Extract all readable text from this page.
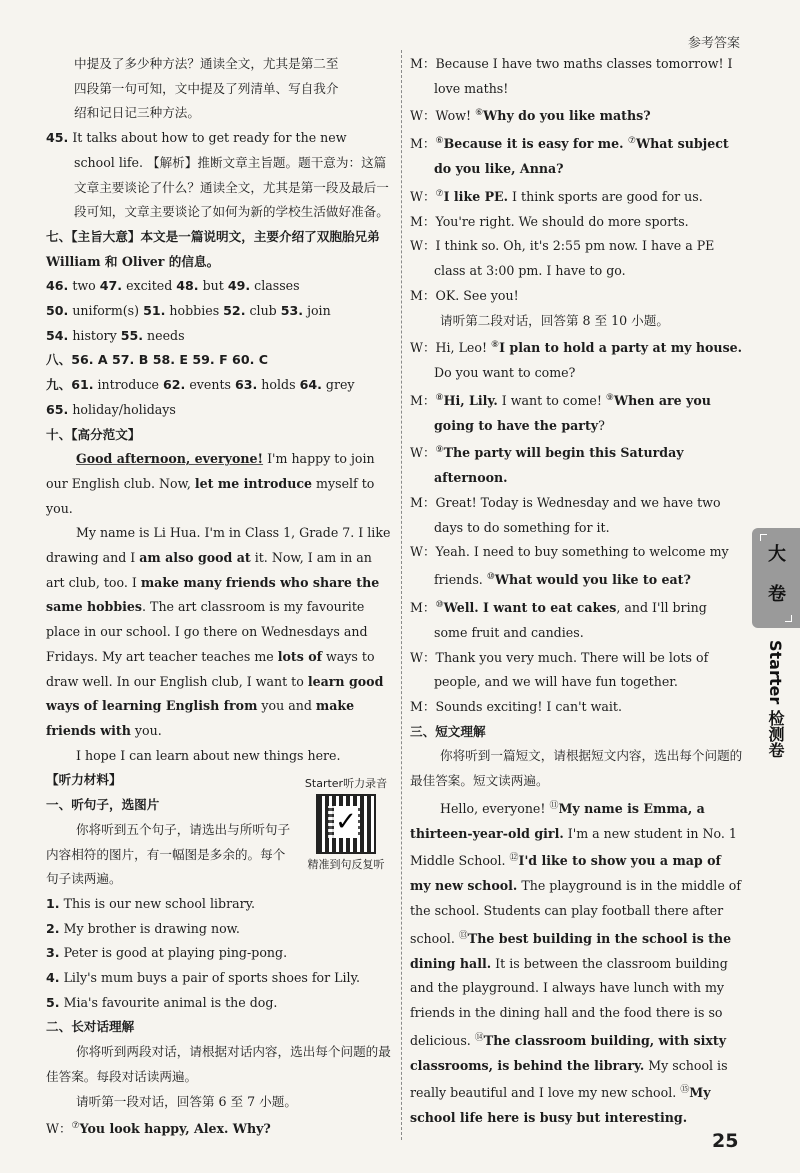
参考答案

中提及了多少种方法？通读全文，尤其是第二至

四段第一句可知，文中提及了列清单、写自我介

绍和记日记三种方法。

45. It talks about how to get ready for the new school life. 【解析】推断文章主旨题。题干意为：这篇文章主要谈论了什么？通读全文，尤其是第一段及最后一段可知，文章主要谈论了如何为新的学校生活做好准备。

七、【主旨大意】本文是一篇说明文，主要介绍了双胞胎兄弟 William 和 Oliver 的信息。

46. two 47. excited 48. but 49. classes

50. uniform(s) 51. hobbies 52. club 53. join

54. history 55. needs

八、56. A 57. B 58. E 59. F 60. C

九、61. introduce 62. events 63. holds 64. grey

65. holiday/holidays

十、【高分范文】

Good afternoon, everyone! I'm happy to join our English club. Now, let me introduce myself to you.

My name is Li Hua. I'm in Class 1, Grade 7. I like drawing and I am also good at it. Now, I am in an art club, too. I make many friends who share the same hobbies. The art classroom is my favourite place in our school. I go there on Wednesdays and Fridays. My art teacher teaches me lots of ways to draw well. In our English club, I want to learn good ways of learning English from you and make friends with you.

I hope I can learn about new things here.

【听力材料】

一、听句子，选图片

你将听到五个句子，请选出与所听句子内容相符的图片，有一幅图是多余的。每个句子读两遍。

1. This is our new school library.

2. My brother is drawing now.

3. Peter is good at playing ping-pong.

4. Lily's mum buys a pair of sports shoes for Lily.

5. Mia's favourite animal is the dog.

二、长对话理解

你将听到两段对话，请根据对话内容，选出每个问题的最佳答案。每段对话读两遍。

请听第一段对话，回答第 6 至 7 小题。

W：⑦You look happy, Alex. Why?

Starter听力录音
✓
精准到句反复听

M：Because I have two maths classes tomorrow! I love maths!

W：Wow! ⑥Why do you like maths?

M：⑥Because it is easy for me. ⑦What subject do you like, Anna?

W：⑦I like PE. I think sports are good for us.

M：You're right. We should do more sports.

W：I think so. Oh, it's 2:55 pm now. I have a PE class at 3:00 pm. I have to go.

M：OK. See you!

请听第二段对话，回答第 8 至 10 小题。

W：Hi, Leo! ⑧I plan to hold a party at my house. Do you want to come?

M：⑧Hi, Lily. I want to come! ⑨When are you going to have the party?

W：⑨The party will begin this Saturday afternoon.

M：Great! Today is Wednesday and we have two days to do something for it.

W：Yeah. I need to buy something to welcome my friends. ⑩What would you like to eat?

M：⑩Well. I want to eat cakes, and I'll bring some fruit and candies.

W：Thank you very much. There will be lots of people, and we will have fun together.

M：Sounds exciting! I can't wait.

三、短文理解

你将听到一篇短文，请根据短文内容，选出每个问题的最佳答案。短文读两遍。

Hello, everyone! ⑪My name is Emma, a thirteen-year-old girl. I'm a new student in No. 1 Middle School. ⑫I'd like to show you a map of my new school. The playground is in the middle of the school. Students can play football there after school. ⑬The best building in the school is the dining hall. It is between the classroom building and the playground. I always have lunch with my friends in the dining hall and the food there is so delicious. ⑭The classroom building, with sixty classrooms, is behind the library. My school is really beautiful and I love my new school. ⑮My school life here is busy but interesting.

大
卷
Starter 检测卷
25
